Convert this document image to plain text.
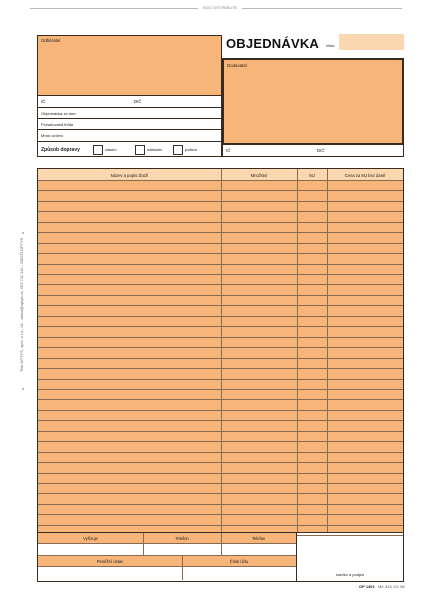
EDIC DISTRIBUTE
Tisk OPTYS, spol. s r.o., 01 - sklad@optys.cz, 553 711 110 - ZBOŽÍ OPTYS
Odběratel
IČ	DIČ
Objednávka ze dne:
Požadovaná lhůta
Místo určení
Způsob dopravy	vlastní	nákladní	poštou
OBJEDNÁVKA číslo:
Dodavatel
IČ	DIČ
Název a popis zboží	Množství	MJ	Cena za MJ bez daně
Vyřizuje	Telefon	Telefax
Peněžní ústav	Číslo účtu
razítko a podpis
OP 1301 MK 815 111 58
